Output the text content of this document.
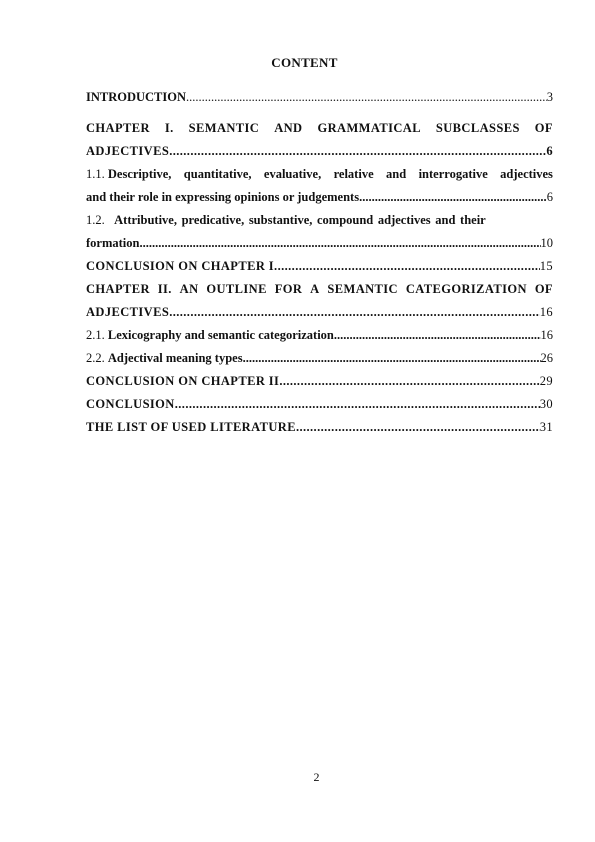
CONTENT
INTRODUCTION .....	3
CHAPTER I. SEMANTIC AND GRAMMATICAL SUBCLASSES OF
ADJECTIVES .....	6
1.1. Descriptive, quantitative, evaluative, relative and interrogative adjectives
and their role in expressing opinions or judgements .....	6
1.2.   Attributive, predicative, substantive, compound adjectives and their
formation .....	10
CONCLUSION ON CHAPTER I .....	15
CHAPTER II. AN OUTLINE FOR A SEMANTIC CATEGORIZATION OF
ADJECTIVES .....	16
2.1. Lexicography and semantic categorization .....	16
2.2. Adjectival meaning types .....	26
CONCLUSION ON CHAPTER II .....	29
CONCLUSION .....	30
THE LIST OF USED LITERATURE .....	31
2
